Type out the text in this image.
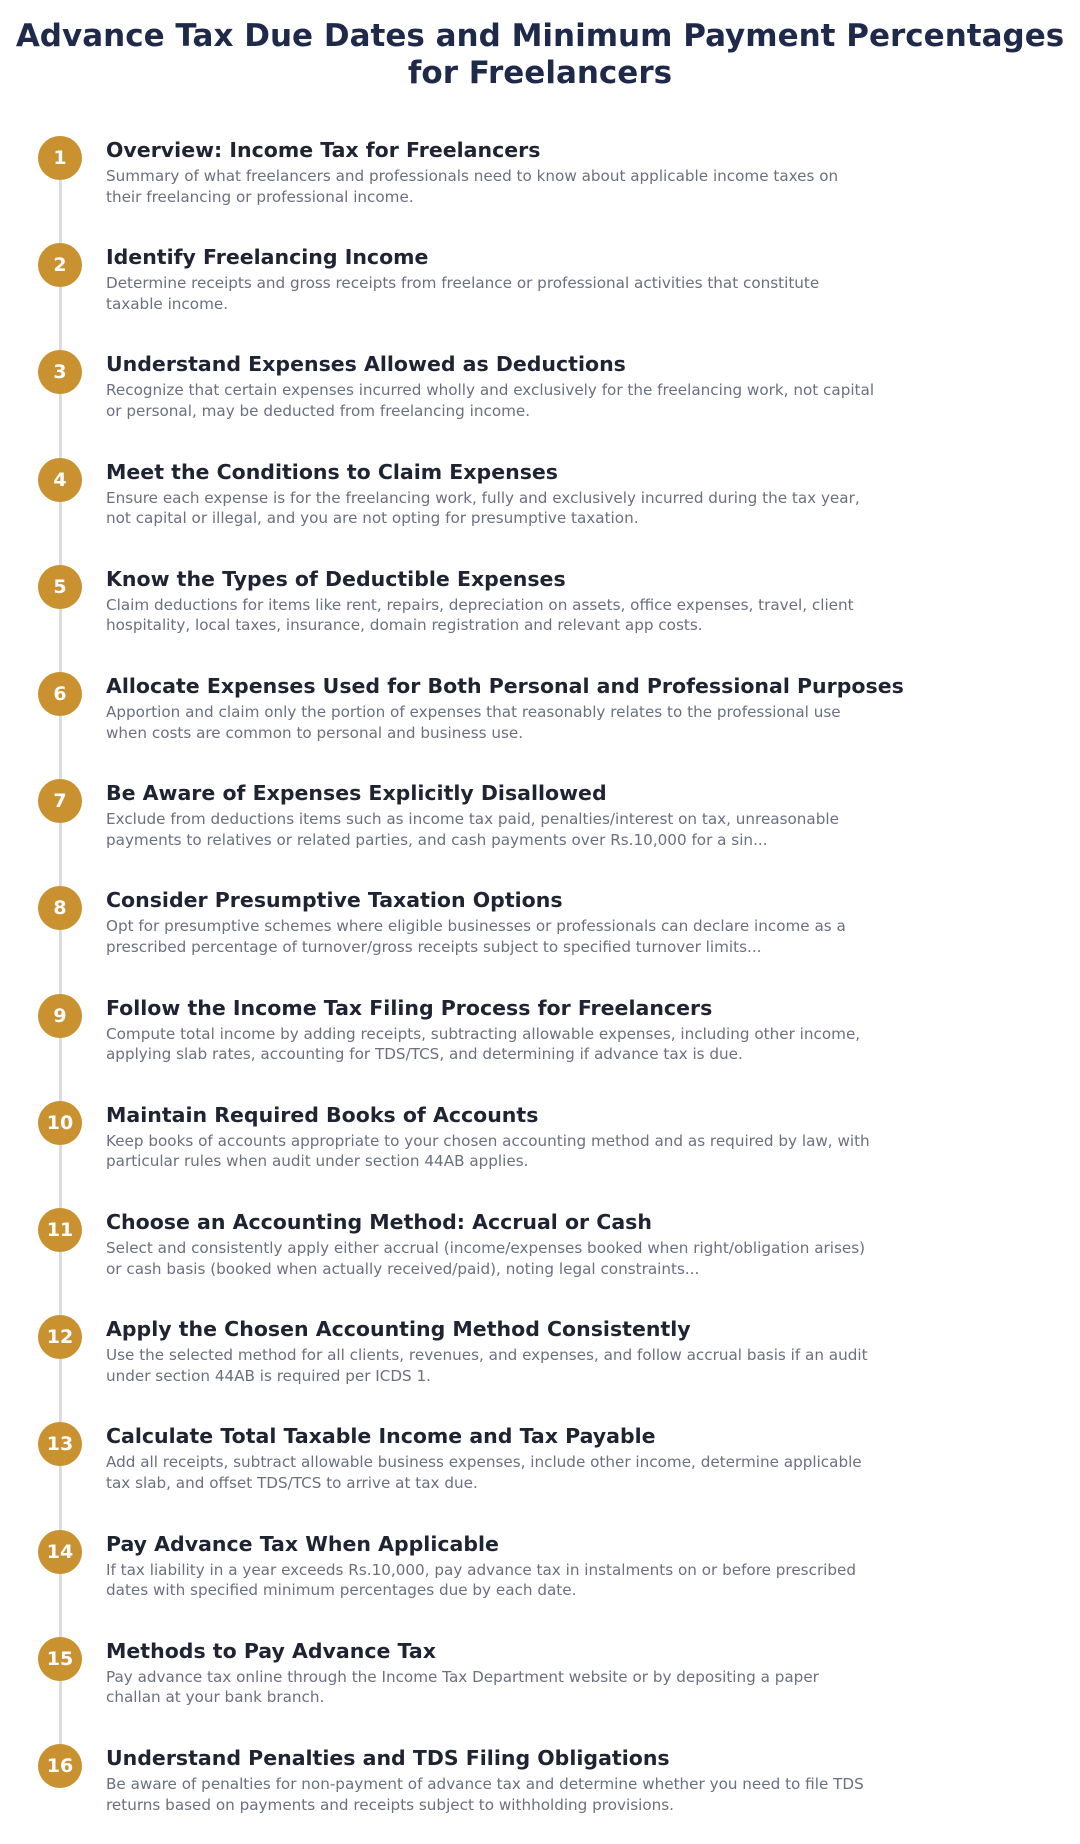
Advance Tax Due Dates and Minimum Payment Percentages for Freelancers
1	Overview: Income Tax for Freelancers
Summary of what freelancers and professionals need to know about applicable income taxes on their freelancing or professional income.
2	Identify Freelancing Income
Determine receipts and gross receipts from freelance or professional activities that constitute taxable income.
3	Understand Expenses Allowed as Deductions
Recognize that certain expenses incurred wholly and exclusively for the freelancing work, not capital or personal, may be deducted from freelancing income.
4	Meet the Conditions to Claim Expenses
Ensure each expense is for the freelancing work, fully and exclusively incurred during the tax year, not capital or illegal, and you are not opting for presumptive taxation.
5	Know the Types of Deductible Expenses
Claim deductions for items like rent, repairs, depreciation on assets, office expenses, travel, client hospitality, local taxes, insurance, domain registration and relevant app costs.
6	Allocate Expenses Used for Both Personal and Professional Purposes
Apportion and claim only the portion of expenses that reasonably relates to the professional use when costs are common to personal and business use.
7	Be Aware of Expenses Explicitly Disallowed
Exclude from deductions items such as income tax paid, penalties/interest on tax, unreasonable payments to relatives or related parties, and cash payments over Rs.10,000 for a sin...
8	Consider Presumptive Taxation Options
Opt for presumptive schemes where eligible businesses or professionals can declare income as a prescribed percentage of turnover/gross receipts subject to specified turnover limits...
9	Follow the Income Tax Filing Process for Freelancers
Compute total income by adding receipts, subtracting allowable expenses, including other income, applying slab rates, accounting for TDS/TCS, and determining if advance tax is due.
10	Maintain Required Books of Accounts
Keep books of accounts appropriate to your chosen accounting method and as required by law, with particular rules when audit under section 44AB applies.
11	Choose an Accounting Method: Accrual or Cash
Select and consistently apply either accrual (income/expenses booked when right/obligation arises) or cash basis (booked when actually received/paid), noting legal constraints...
12	Apply the Chosen Accounting Method Consistently
Use the selected method for all clients, revenues, and expenses, and follow accrual basis if an audit under section 44AB is required per ICDS 1.
13	Calculate Total Taxable Income and Tax Payable
Add all receipts, subtract allowable business expenses, include other income, determine applicable tax slab, and offset TDS/TCS to arrive at tax due.
14	Pay Advance Tax When Applicable
If tax liability in a year exceeds Rs.10,000, pay advance tax in instalments on or before prescribed dates with specified minimum percentages due by each date.
15	Methods to Pay Advance Tax
Pay advance tax online through the Income Tax Department website or by depositing a paper challan at your bank branch.
16	Understand Penalties and TDS Filing Obligations
Be aware of penalties for non-payment of advance tax and determine whether you need to file TDS returns based on payments and receipts subject to withholding provisions.
